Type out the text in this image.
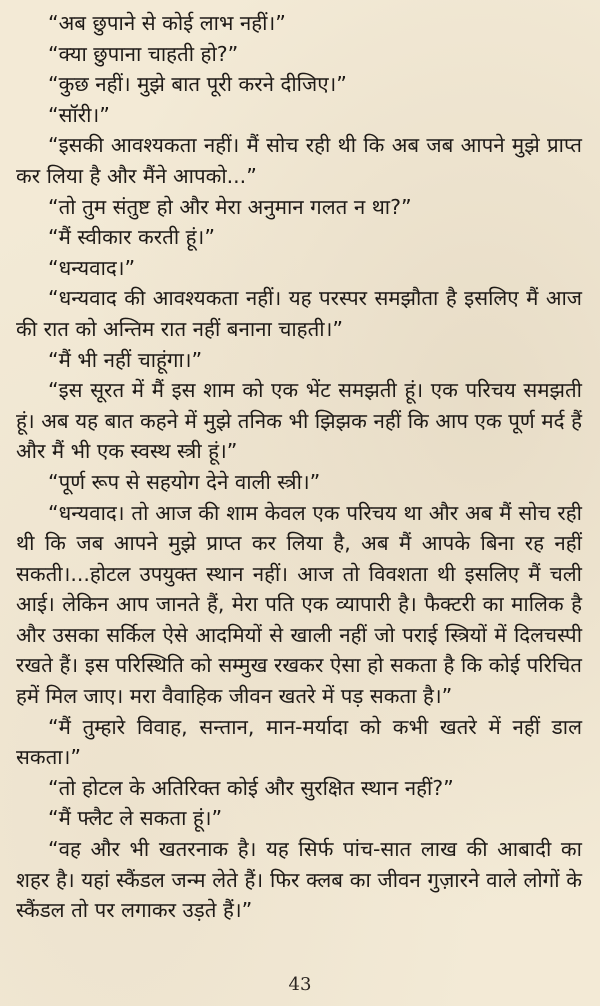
“अब छुपाने से कोई लाभ नहीं।”

“क्या छुपाना चाहती हो?”

“कुछ नहीं। मुझे बात पूरी करने दीजिए।”

“सॉरी।”

“इसकी आवश्यकता नहीं। मैं सोच रही थी कि अब जब आपने मुझे प्राप्त कर लिया है और मैंने आपको...”

“तो तुम संतुष्ट हो और मेरा अनुमान गलत न था?”

“मैं स्वीकार करती हूं।”

“धन्यवाद।”

“धन्यवाद की आवश्यकता नहीं। यह परस्पर समझौता है इसलिए मैं आज की रात को अन्तिम रात नहीं बनाना चाहती।”

“मैं भी नहीं चाहूंगा।”

“इस सूरत में मैं इस शाम को एक भेंट समझती हूं। एक परिचय समझती हूं। अब यह बात कहने में मुझे तनिक भी झिझक नहीं कि आप एक पूर्ण मर्द हैं और मैं भी एक स्वस्थ स्त्री हूं।”

“पूर्ण रूप से सहयोग देने वाली स्त्री।”

“धन्यवाद। तो आज की शाम केवल एक परिचय था और अब मैं सोच रही थी कि जब आपने मुझे प्राप्त कर लिया है, अब मैं आपके बिना रह नहीं सकती।...होटल उपयुक्त स्थान नहीं। आज तो विवशता थी इसलिए मैं चली आई। लेकिन आप जानते हैं, मेरा पति एक व्यापारी है। फैक्टरी का मालिक है और उसका सर्किल ऐसे आदमियों से खाली नहीं जो पराई स्त्रियों में दिलचस्पी रखते हैं। इस परिस्थिति को सम्मुख रखकर ऐसा हो सकता है कि कोई परिचित हमें मिल जाए। मरा वैवाहिक जीवन खतरे में पड़ सकता है।”

“मैं तुम्हारे विवाह, सन्तान, मान-मर्यादा को कभी खतरे में नहीं डाल सकता।”

“तो होटल के अतिरिक्त कोई और सुरक्षित स्थान नहीं?”

“मैं फ्लैट ले सकता हूं।”

“वह और भी खतरनाक है। यह सिर्फ पांच-सात लाख की आबादी का शहर है। यहां स्कैंडल जन्म लेते हैं। फिर क्लब का जीवन गुज़ारने वाले लोगों के स्कैंडल तो पर लगाकर उड़ते हैं।”

43
